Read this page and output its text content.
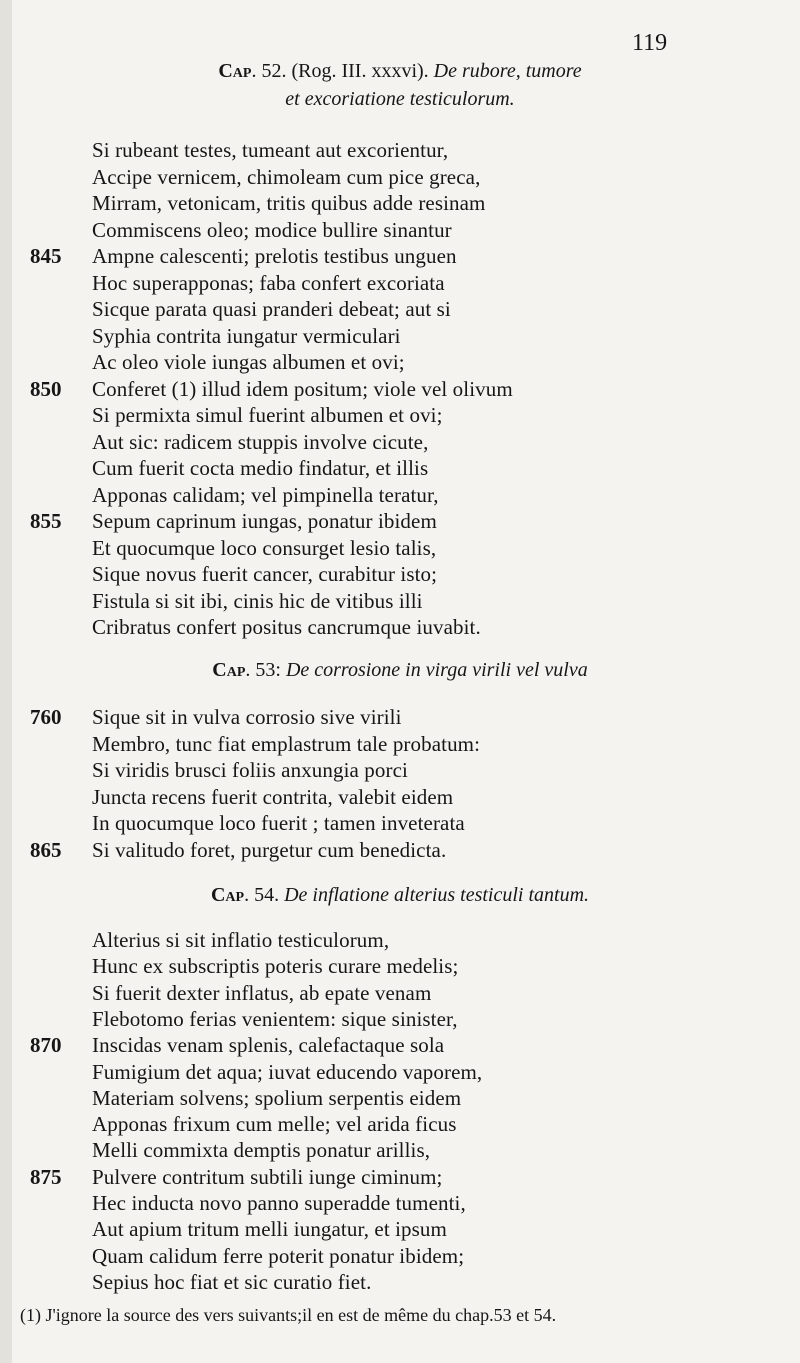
119
Cap. 52. (Rog. III. xxxvi). De rubore, tumore
et excoriatione testiculorum.
Cap. 53: De corrosione in virga virili vel vulva
Cap. 54. De inflatione alterius testiculi tantum.
Si rubeant testes, tumeant aut excorientur,
Accipe vernicem, chimoleam cum pice greca,
Mirram, vetonicam, tritis quibus adde resinam
Commiscens oleo; modice bullire sinantur
845 Ampne calescenti; prelotis testibus unguen
Hoc superapponas; faba confert excoriata
Sicque parata quasi pranderi debeat; aut si
Syphia contrita iungatur vermiculari
Ac oleo viole iungas albumen et ovi;
850 Conferet (1) illud idem positum; viole vel olivum
Si permixta simul fuerint albumen et ovi;
Aut sic: radicem stuppis involve cicute,
Cum fuerit cocta medio findatur, et illis
Apponas calidam; vel pimpinella teratur,
855 Sepum caprinum iungas, ponatur ibidem
Et quocumque loco consurget lesio talis,
Sique novus fuerit cancer, curabitur isto;
Fistula si sit ibi, cinis hic de vitibus illi
Cribratus confert positus cancrumque iuvabit.
760 Sique sit in vulva corrosio sive virili
Membro, tunc fiat emplastrum tale probatum:
Si viridis brusci foliis anxungia porci
Juncta recens fuerit contrita, valebit eidem
In quocumque loco fuerit ; tamen inveterata
865 Si valitudo foret, purgetur cum benedicta.
Alterius si sit inflatio testiculorum,
Hunc ex subscriptis poteris curare medelis;
Si fuerit dexter inflatus, ab epate venam
Flebotomo ferias venientem: sique sinister,
870 Inscidas venam splenis, calefactaque sola
Fumigium det aqua; iuvat educendo vaporem,
Materiam solvens; spolium serpentis eidem
Apponas frixum cum melle; vel arida ficus
Melli commixta demptis ponatur arillis,
875 Pulvere contritum subtili iunge ciminum;
Hec inducta novo panno superadde tumenti,
Aut apium tritum melli iungatur, et ipsum
Quam calidum ferre poterit ponatur ibidem;
Sepius hoc fiat et sic curatio fiet.
(1) J'ignore la source des vers suivants;il en est de même du chap.53 et 54.
